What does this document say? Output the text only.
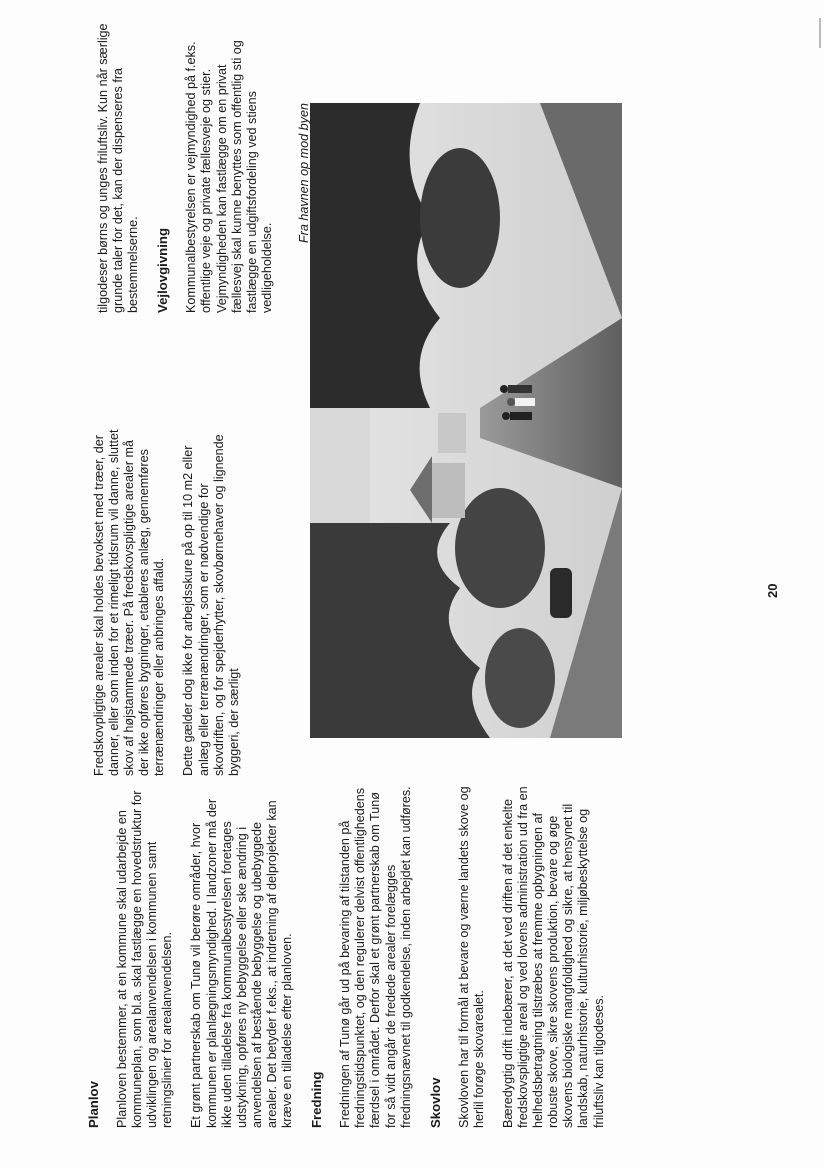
Planlov Planloven bestemmer, at en kommune skal udarbejde en kommuneplan, som bl.a. skal fastlægge en hovedstruktur for udviklingen og arealanvendelsen i kommunen samt retningslinier for arealanvendelsen. Et grønt partnerskab om Tunø vil berøre områder, hvor kommunen er planlægningsmyndighed. I landzoner må der ikke uden tilladelse fra kommunalbestyrelsen foretages udstykning, opføres ny bebyggelse eller ske ændring i anvendelsen af bestående bebyggelse og ubebyggede arealer. Det betyder f.eks., at indretning af delprojekter kan kræve en tilladelse efter planloven. Fredning Fredningen af Tunø går ud på bevaring af tilstanden på fredningstidspunktet, og den regulerer delvist offentlighedens færdsel i området. Derfor skal et grønt partnerskab om Tunø for så vidt angår de fredede arealer forelægges fredningsnævnet til godkendelse, inden arbejdet kan udføres. Skovlov Skovloven har til formål at bevare og værne landets skove og herlil forøge skovarealet. Bæredygtig drift indebærer, at det ved driften af det enkelte fredskovspligtige areal og ved lovens administration ud fra en helhedsbetragtning tilstræbes at fremme opbygningen af robuste skove, sikre skovens produktion, bevare og øge skovens biologiske mangfoldighed og sikre, at hensynet til landskab, naturhistorie, kulturhistorie, miljøbeskyttelse og friluftsliv kan tilgodeses.

Fredskovpligtige arealer skal holdes bevokset med træer, der danner, eller som inden for et rimeligt tidsrum vil danne, sluttet skov af højstammede træer. På fredskovspligtige arealer må der ikke opføres bygninger, etableres anlæg, gennemføres terrænændringer eller anbringes affald. Dette gælder dog ikke for arbejdsskure på op til 10 m2 eller anlæg eller terrænændringer, som er nødvendige for skovdriften, og for spejderhytter, skovbørnehaver og lignende byggeri, der særligt

Fra havnen op mod byen

tilgodeser børns og unges friluftsliv. Kun når særlige grunde taler for det, kan der dispenseres fra bestemmelserne. Vejlovgivning Kommunalbestyrelsen er vejmyndighed på f.eks. offentlige veje og private fællesveje og stier. Vejmyndigheden kan fastlægge om en privat fællesvej skal kunne benyttes som offentlig sti og fastlægge en udgiftsfordeling ved stiens vedligeholdelse.

20
